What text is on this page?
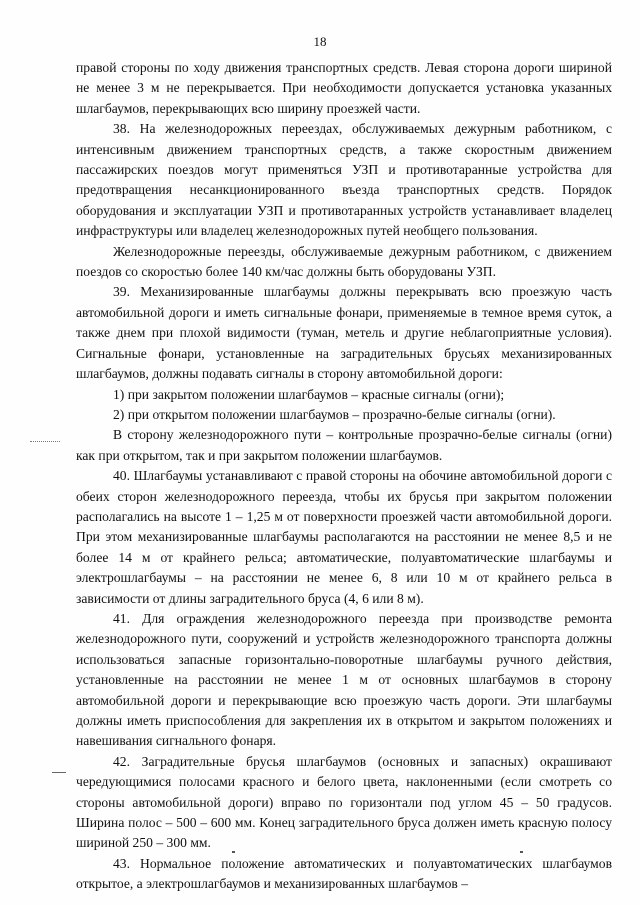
18

правой стороны по ходу движения транспортных средств. Левая сторона дороги шириной не менее 3 м не перекрывается. При необходимости допускается установка указанных шлагбаумов, перекрывающих всю ширину проезжей части.

38. На железнодорожных переездах, обслуживаемых дежурным работником, с интенсивным движением транспортных средств, а также скоростным движением пассажирских поездов могут применяться УЗП и противотаранные устройства для предотвращения несанкционированного въезда транспортных средств. Порядок оборудования и эксплуатации УЗП и противотаранных устройств устанавливает владелец инфраструктуры или владелец железнодорожных путей необщего пользования.

Железнодорожные переезды, обслуживаемые дежурным работником, с движением поездов со скоростью более 140 км/час должны быть оборудованы УЗП.

39. Механизированные шлагбаумы должны перекрывать всю проезжую часть автомобильной дороги и иметь сигнальные фонари, применяемые в темное время суток, а также днем при плохой видимости (туман, метель и другие неблагоприятные условия). Сигнальные фонари, установленные на заградительных брусьях механизированных шлагбаумов, должны подавать сигналы в сторону автомобильной дороги:

1) при закрытом положении шлагбаумов – красные сигналы (огни);

2) при открытом положении шлагбаумов – прозрачно-белые сигналы (огни).

В сторону железнодорожного пути – контрольные прозрачно-белые сигналы (огни) как при открытом, так и при закрытом положении шлагбаумов.

40. Шлагбаумы устанавливают с правой стороны на обочине автомобильной дороги с обеих сторон железнодорожного переезда, чтобы их брусья при закрытом положении располагались на высоте 1 – 1,25 м от поверхности проезжей части автомобильной дороги. При этом механизированные шлагбаумы располагаются на расстоянии не менее 8,5 и не более 14 м от крайнего рельса; автоматические, полуавтоматические шлагбаумы и электрошлагбаумы – на расстоянии не менее 6, 8 или 10 м от крайнего рельса в зависимости от длины заградительного бруса (4, 6 или 8 м).

41. Для ограждения железнодорожного переезда при производстве ремонта железнодорожного пути, сооружений и устройств железнодорожного транспорта должны использоваться запасные горизонтально-поворотные шлагбаумы ручного действия, установленные на расстоянии не менее 1 м от основных шлагбаумов в сторону автомобильной дороги и перекрывающие всю проезжую часть дороги. Эти шлагбаумы должны иметь приспособления для закрепления их в открытом и закрытом положениях и навешивания сигнального фонаря.

42. Заградительные брусья шлагбаумов (основных и запасных) окрашивают чередующимися полосами красного и белого цвета, наклоненными (если смотреть со стороны автомобильной дороги) вправо по горизонтали под углом 45 – 50 градусов. Ширина полос – 500 – 600 мм. Конец заградительного бруса должен иметь красную полосу шириной 250 – 300 мм.

43. Нормальное положение автоматических и полуавтоматических шлагбаумов открытое, а электрошлагбаумов и механизированных шлагбаумов –
